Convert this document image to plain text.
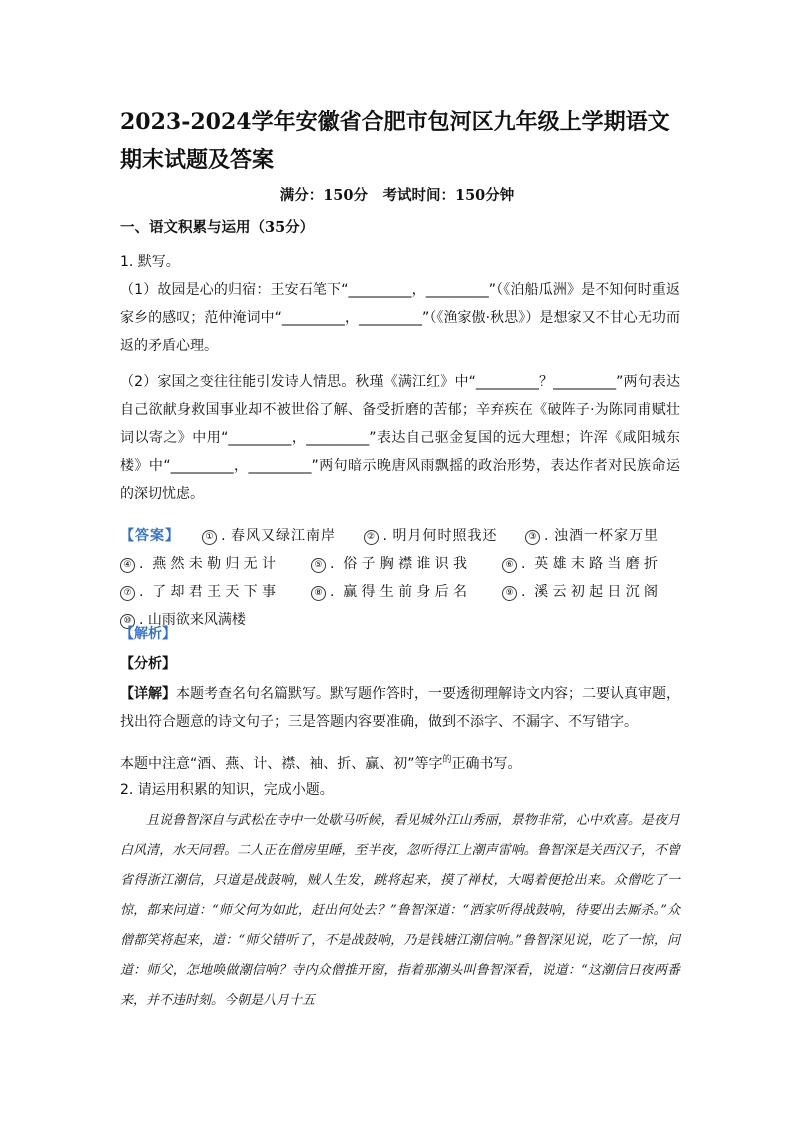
2023-2024学年安徽省合肥市包河区九年级上学期语文期末试题及答案
满分：150分　考试时间：150分钟
一、语文积累与运用（35分）

1. 默写。

（1）故园是心的归宿：王安石笔下“_________，_________”（《泊船瓜洲》是不知何时重返家乡的感叹；范仲淹词中“_________，_________”（《渔家傲·秋思》）是想家又不甘心无功而返的矛盾心理。

（2）家国之变往往能引发诗人情思。秋瑾《满江红》中“_________？_________”两句表达自己欲献身救国事业却不被世俗了解、备受折磨的苦郁；辛弃疾在《破阵子·为陈同甫赋壮词以寄之》中用“_________，_________”表达自己驱金复国的远大理想；许浑《咸阳城东楼》中“_________，_________”两句暗示晚唐风雨飘摇的政治形势，表达作者对民族命运的深切忧虑。

【答案】	① . 春风又绿江南岸	② . 明月何时照我还	③ . 浊酒一杯家万里 ④ . 燕然未勒归无计	⑤ . 俗子胸襟谁识我	⑥ . 英雄末路当磨折 ⑦ . 了却君王天下事	⑧ . 赢得生前身后名	⑨ . 溪云初起日沉阁 ⑩ . 山雨欲来风满楼

【解析】

【分析】

【详解】本题考查名句名篇默写。默写题作答时，一要透彻理解诗文内容；二要认真审题，找出符合题意的诗文句子；三是答题内容要准确，做到不添字、不漏字、不写错字。

本题中注意“酒、燕、计、襟、袖、折、赢、初”等字$^的$正确书写。

2. 请运用积累的知识，完成小题。

且说鲁智深自与武松在寺中一处歇马听候，看见城外江山秀丽，景物非常，心中欢喜。是夜月白风清，水天同碧。二人正在僧房里睡，至半夜，忽听得江上潮声雷响。鲁智深是关西汉子，不曾省得浙江潮信，只道是战鼓响，贼人生发，跳将起来，摸了禅杖，大喝着便抢出来。众僧吃了一惊，都来问道：“师父何为如此，赶出何处去？”鲁智深道：“洒家听得战鼓响，待要出去厮杀。”众僧都笑将起来，道：“师父错听了，不是战鼓响，乃是钱塘江潮信响。”鲁智深见说，吃了一惊，问道：师父，怎地唤做潮信响？寺内众僧推开窗，指着那潮头叫鲁智深看，说道：“这潮信日夜两番来，并不违时刻。今朝是八月十五
